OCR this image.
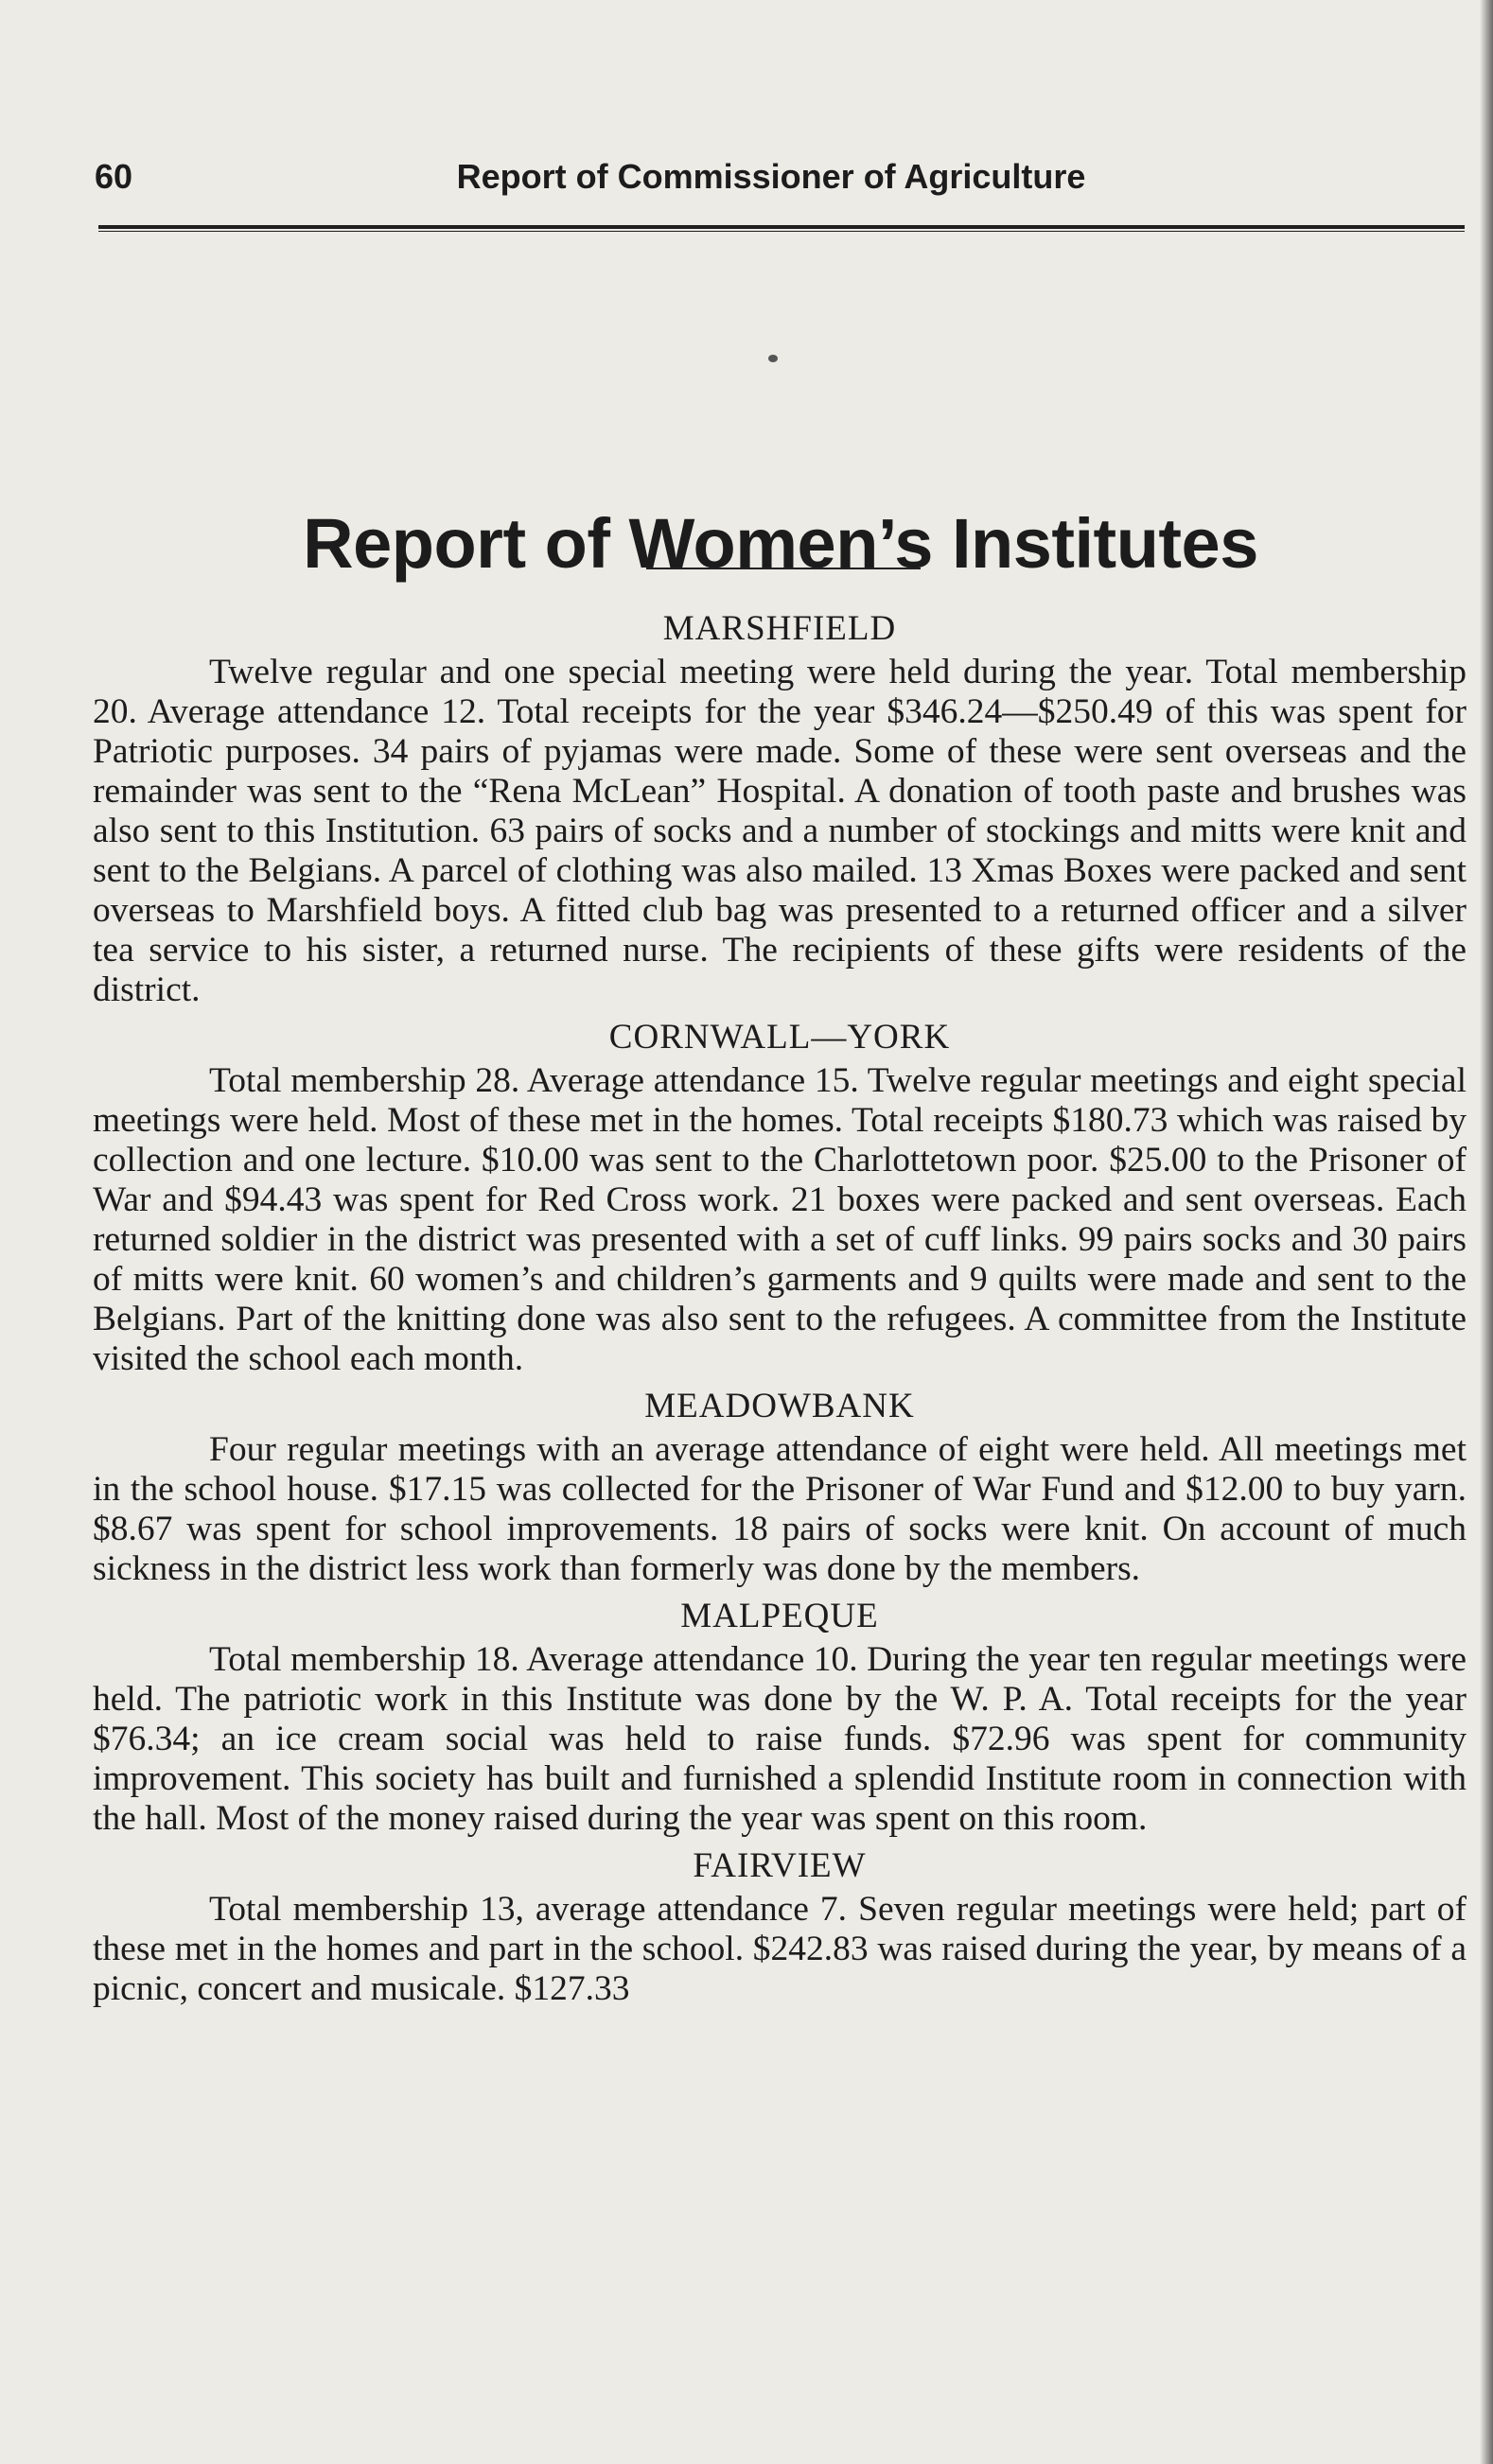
60	Report of Commissioner of Agriculture
Report of Women’s Institutes
MARSHFIELD

Twelve regular and one special meeting were held during the year. Total membership 20. Average attendance 12. Total receipts for the year $346.24—$250.49 of this was spent for Patriotic purposes. 34 pairs of pyjamas were made. Some of these were sent overseas and the remainder was sent to the “Rena McLean” Hospital. A donation of tooth paste and brushes was also sent to this Institution. 63 pairs of socks and a number of stockings and mitts were knit and sent to the Belgians. A parcel of clothing was also mailed. 13 Xmas Boxes were packed and sent overseas to Marshfield boys. A fitted club bag was presented to a returned officer and a silver tea service to his sister, a returned nurse. The recipients of these gifts were residents of the district.

CORNWALL—YORK

Total membership 28. Average attendance 15. Twelve regular meetings and eight special meetings were held. Most of these met in the homes. Total receipts $180.73 which was raised by collection and one lecture. $10.00 was sent to the Charlottetown poor. $25.00 to the Prisoner of War and $94.43 was spent for Red Cross work. 21 boxes were packed and sent overseas. Each returned soldier in the district was presented with a set of cuff links. 99 pairs socks and 30 pairs of mitts were knit. 60 women’s and children’s garments and 9 quilts were made and sent to the Belgians. Part of the knitting done was also sent to the refugees. A committee from the Institute visited the school each month.

MEADOWBANK

Four regular meetings with an average attendance of eight were held. All meetings met in the school house. $17.15 was collected for the Prisoner of War Fund and $12.00 to buy yarn. $8.67 was spent for school improvements. 18 pairs of socks were knit. On account of much sickness in the district less work than formerly was done by the members.

MALPEQUE

Total membership 18. Average attendance 10. During the year ten regular meetings were held. The patriotic work in this Institute was done by the W. P. A. Total receipts for the year $76.34; an ice cream social was held to raise funds. $72.96 was spent for community improvement. This society has built and furnished a splendid Institute room in connection with the hall. Most of the money raised during the year was spent on this room.

FAIRVIEW

Total membership 13, average attendance 7. Seven regular meetings were held; part of these met in the homes and part in the school. $242.83 was raised during the year, by means of a picnic, concert and musicale. $127.33
